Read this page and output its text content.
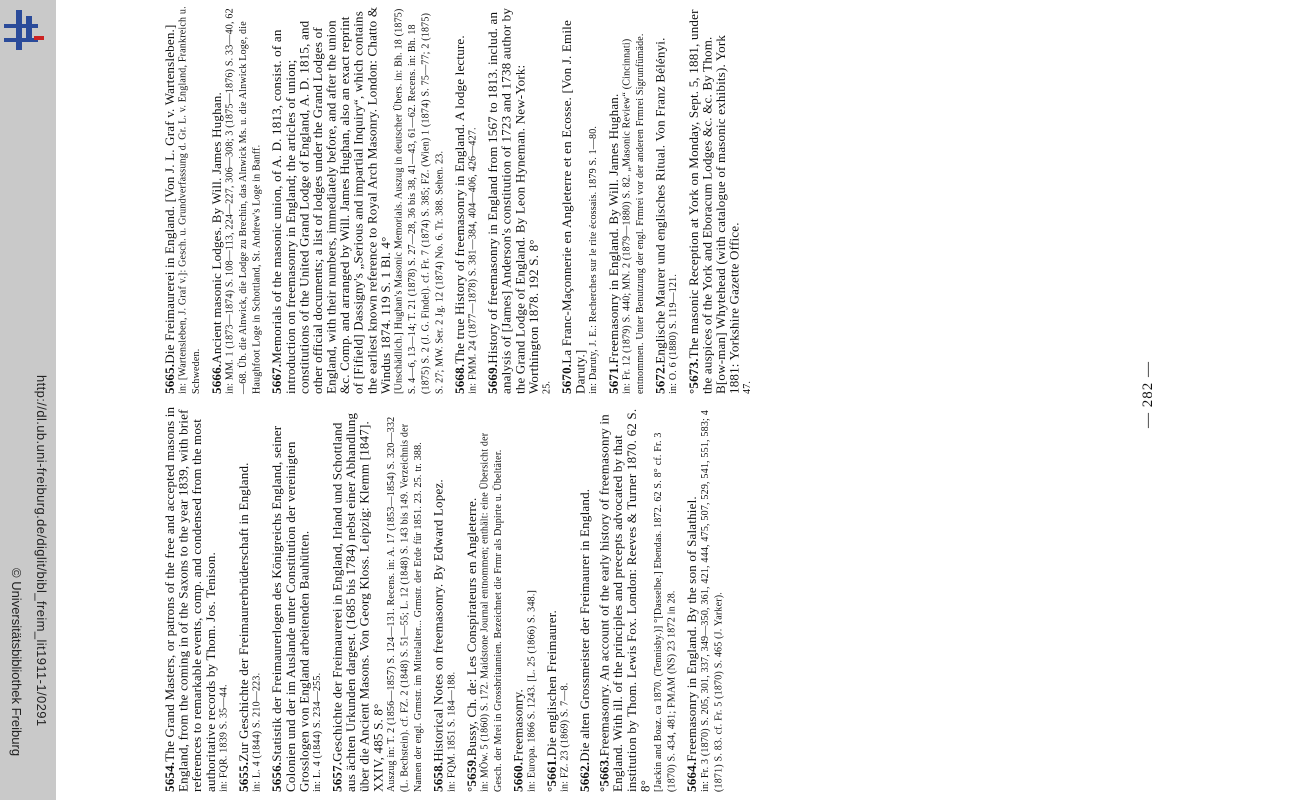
http://dl.ub.uni-freiburg.de/diglit/bibl_freim_lit1911-1/0291
© Universitätsbibliothek Freiburg
— 282 —
5654.The Grand Masters, or patrons of the free and accepted masons in England, from the coming in of the Saxons to the year 1839, with brief references to remarkable events, comp. and condensed from the most authoritative records by Thom. Jos. Tenison.
in: FQR. 1839 S. 35—44. 5655.Zur Geschichte der Freimaurerbrüderschaft in England.
in: L. 4 (1844) S. 210—223. 5656.Statistik der Freimaurerlogen des Königreichs England, seiner Colonien und der im Auslande unter Constitution der vereinigten Grosslogen von England arbeitenden Bauhütten.
in: L. 4 (1844) S. 234—255. 5657.Geschichte der Freimaurerei in England, Irland und Schottland aus ächten Urkunden dargest. (1685 bis 1784) nebst einer Abhandlung über die Ancient Masons. Von Georg Kloss. Leipzig: Klemm [1847]. XXIV, 485 S. 8°
Auszug in: T. 2 (1856—1857) S. 124—131. Recens. in: A. 17 (1853—1854) S. 320—332 (L. Bechstein). cf. FZ. 2 (1848) S. 51—55; L. 12 (1848) S. 143 bis 149. Verzeichnis der Namen der engl. Grmstr. im Mittelalter... Grmstr. der Erde für 1851. 23. 25. tr. 388. 5658.Historical Notes on freemasonry. By Edward Lopez.
in: FQM. 1851 S. 184—188. °5659.Bussy, Ch. de: Les Conspirateurs en Angleterre.
in: MÖw. 5 (1860) S. 172. Maidstone Journal entnommen; enthält: eine Übersicht der Gesch. der Mrei in Grossbritannien. Bezeichnet die Frmr als Dupirte u. Übeltäter. 5660.Freemasonry.
in: Europa. 1866 S. 1243. [L. 25 (1866) S. 348.] °5661.Die englischen Freimaurer.
in: FZ. 23 (1869) S. 7—8. 5662.Die alten Grossmeister der Freimaurer in England.
°5663.Freemasonry. An account of the early history of freemasonry in England. With ill. of the principles and precepts advocated by that institution by Thom. Lewis Fox. London: Reeves & Turner 1870. 62 S. 8°
[Jackin and Boaz. ca 1870. (Tennisby.)] °[Dasselbe.] Ebendas. 1872. 62 S. 8° cf. Fr. 3 (1870) S. 434, 481; FMAM (NS) 23 1872 in 28. 5664.Freemasonry in England. By the son of Salathiel.
in: Fr. 3 (1870) S. 205, 301, 337, 349—350, 361, 421, 444, 475, 507, 529, 541, 551, 583; 4 (1871) S. 83. cf. Fr. 5 (1870) S. 465 (J. Yarker).
5665.Die Freimaurerei in England. [Von J. L. Graf v. Wartensleben.]
in: [Wartensleben, J. Graf v.]: Gesch. u. Grundverfassung d. Gr. L. v. England, Frankreich u. Schweden. 5666.Ancient masonic Lodges. By Will. James Hughan.
in: MM. 1 (1873—1874) S. 108—113, 224—227, 306—308; 3 (1875—1876) S. 33—40, 62—68. Üb. die Alnwick, die Lodge zu Brechin, das Alnwick Ms. u. die Alnwick Loge, die Haughfoot Loge in Schottland, St. Andrew's Loge in Banff. 5667.Memorials of the masonic union, of A. D. 1813, consist. of an introduction on freemasonry in England; the articles of union; constitutions of the United Grand Lodge of England, A. D. 1815, and other official documents; a list of lodges under the Grand Lodges of England, with their numbers, immediately before, and after the union &c. Comp. and arranged by Will. James Hughan, also an exact reprint of [Fifield] Dassigny's „Serious and impartial Inquiry“, which contains the earliest known reference to Royal Arch Masonry. London: Chatto & Windus 1874. 119 S. 1 Bl. 4°
[Unschädlich.] Hughan's Masonic Memorials. Auszug in deutscher Übers. in: Bh. 18 (1875) S. 4—6, 13—14; T. 21 (1878) S. 27—28, 36 bis 38, 41—43, 61—62. Recens. in: Bh. 18 (1875) S. 2 (J. G. Findel). cf. Fr. 7 (1874) S. 385; FZ. (Wien) 1 (1874) S. 75—77; 2 (1875) S. 27; MW. Ser. 2 Jg. 12 (1874) No. 6. Tr. 388. Sehen. 23. 5668.The true History of freemasonry in England. A lodge lecture.
in: FMM. 24 (1877—1878) S. 381—384, 404—406, 426—427. 5669.History of freemasonry in England from 1567 to 1813. includ. an analysis of [James] Anderson's constitution of 1723 and 1738 author by the Grand Lodge of England. By Leon Hyneman. New-York: Worthington 1878. 192 S. 8°
25. 5670.La Franc-Maçonnerie en Angleterre et en Ecosse. [Von J. Emile Daruty.]
in: Daruty, J. E.: Recherches sur le rite écossais. 1879 S. 1—80. 5671.Freemasonry in England. By Will. James Hughan.
in: Fr. 12 (1879) S. 440; MN. 2 (1879—1880) S. 82. „Masonic Review“ (Cincinnati) entnommen. Unter Benutzung der engl. Frmrei vor der anderen Frmrei Sigrunfümäde. 5672.Englische Maurer und englisches Ritual. Von Franz Bélényi.
in: O. 6 (1880) S. 119—121. °5673.The masonic Reception at York on Monday, Sept. 5, 1881, under the auspices of the York and Eboracum Lodges &c. &c. By Thom. B[ow-man] Whytehead (with catalogue of masonic exhibits). York 1881: Yorkshire Gazette Office.
47.
